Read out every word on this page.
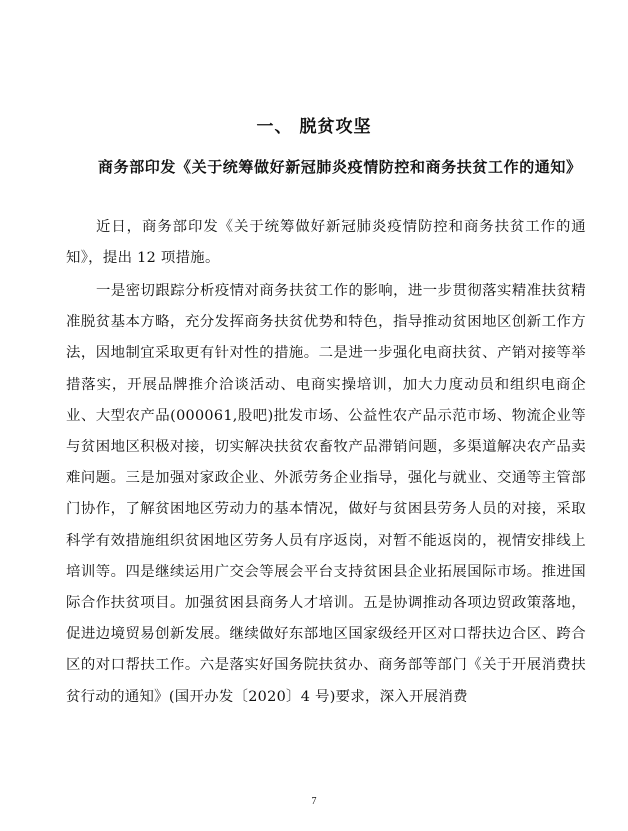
一、 脱贫攻坚
商务部印发《关于统筹做好新冠肺炎疫情防控和商务扶贫工作的通知》

近日，商务部印发《关于统筹做好新冠肺炎疫情防控和商务扶贫工作的通知》，提出 12 项措施。

一是密切跟踪分析疫情对商务扶贫工作的影响，进一步贯彻落实精准扶贫精准脱贫基本方略，充分发挥商务扶贫优势和特色，指导推动贫困地区创新工作方法，因地制宜采取更有针对性的措施。二是进一步强化电商扶贫、产销对接等举措落实，开展品牌推介洽谈活动、电商实操培训，加大力度动员和组织电商企业、大型农产品(000061,股吧)批发市场、公益性农产品示范市场、物流企业等与贫困地区积极对接，切实解决扶贫农畜牧产品滞销问题，多渠道解决农产品卖难问题。三是加强对家政企业、外派劳务企业指导，强化与就业、交通等主管部门协作，了解贫困地区劳动力的基本情况，做好与贫困县劳务人员的对接，采取科学有效措施组织贫困地区劳务人员有序返岗，对暂不能返岗的，视情安排线上培训等。四是继续运用广交会等展会平台支持贫困县企业拓展国际市场。推进国际合作扶贫项目。加强贫困县商务人才培训。五是协调推动各项边贸政策落地，促进边境贸易创新发展。继续做好东部地区国家级经开区对口帮扶边合区、跨合区的对口帮扶工作。六是落实好国务院扶贫办、商务部等部门《关于开展消费扶贫行动的通知》(国开办发〔2020〕4 号)要求，深入开展消费

7
